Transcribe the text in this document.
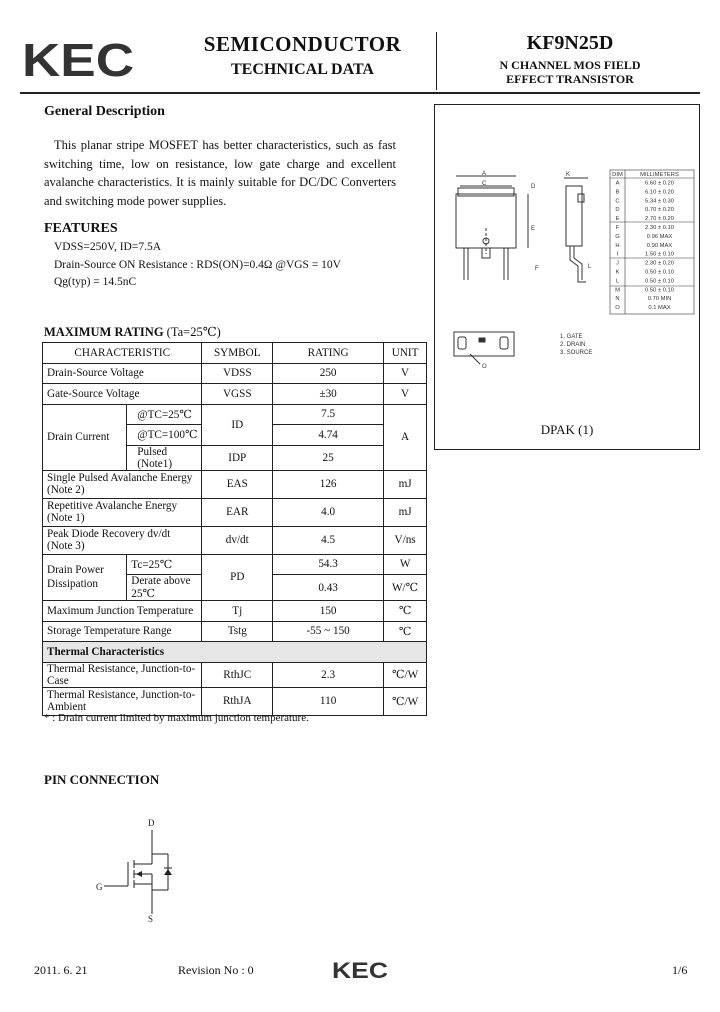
KEC	SEMICONDUCTOR
TECHNICAL DATA
KF9N25D
N CHANNEL MOS FIELD
EFFECT TRANSISTOR
General Description
This planar stripe MOSFET has better characteristics, such as fast
switching time, low on resistance, low gate charge and excellent
avalanche characteristics. It is mainly suitable for DC/DC Converters
and switching mode power supplies.
FEATURES
VDSS=250V, ID=7.5A
Drain-Source ON Resistance : RDS(ON)=0.4Ω @VGS = 10V
Qg(typ) = 14.5nC
MAXIMUM RATING (Ta=25℃)
CHARACTERISTIC		SYMBOL	RATING	UNIT
Drain-Source Voltage		VDSS	250	V
Gate-Source Voltage		VGSS	±30	V
Drain Current	@TC=25℃	ID	7.5	A
	@TC=100℃		4.74	
	Pulsed (Note1)	IDP	25	
Single Pulsed Avalanche Energy (Note 2)		EAS	126	mJ
Repetitive Avalanche Energy (Note 1)		EAR	4.0	mJ
Peak Diode Recovery dv/dt (Note 3)		dv/dt	4.5	V/ns
Drain Power Dissipation	Tc=25℃	PD	54.3	W
	Derate above 25℃		0.43	W/℃
Maximum Junction Temperature		Tj	150	℃
Storage Temperature Range		Tstg	-55 ~ 150	℃
Thermal Characteristics				
Thermal Resistance, Junction-to-Case		RthJC	2.3	℃/W
Thermal Resistance, Junction-to-Ambient		RthJA	110	℃/W
* : Drain current limited by maximum junction temperature.
A
C	D
E
K
F	L
DIM	MILLIMETERS
A	6.60 ± 0.20
B	6.10 ± 0.20
C	5.34 ± 0.30
D	0.70 ± 0.20
E	2.70 ± 0.20
F	2.30 ± 0.10
G	0.96 MAX
H	0.90 MAX
I	1.50 ± 0.10
J	2.30 ± 0.20
K	0.50 ± 0.10
L	0.50 ± 0.10
M	0.50 ± 0.10
N	0.70 MIN
O	0.1 MAX
O
1. GATE
2. DRAIN
3. SOURCE
DPAK (1)
PIN CONNECTION
D
G
S
2011. 6. 21	Revision No : 0	KEC	1/6
